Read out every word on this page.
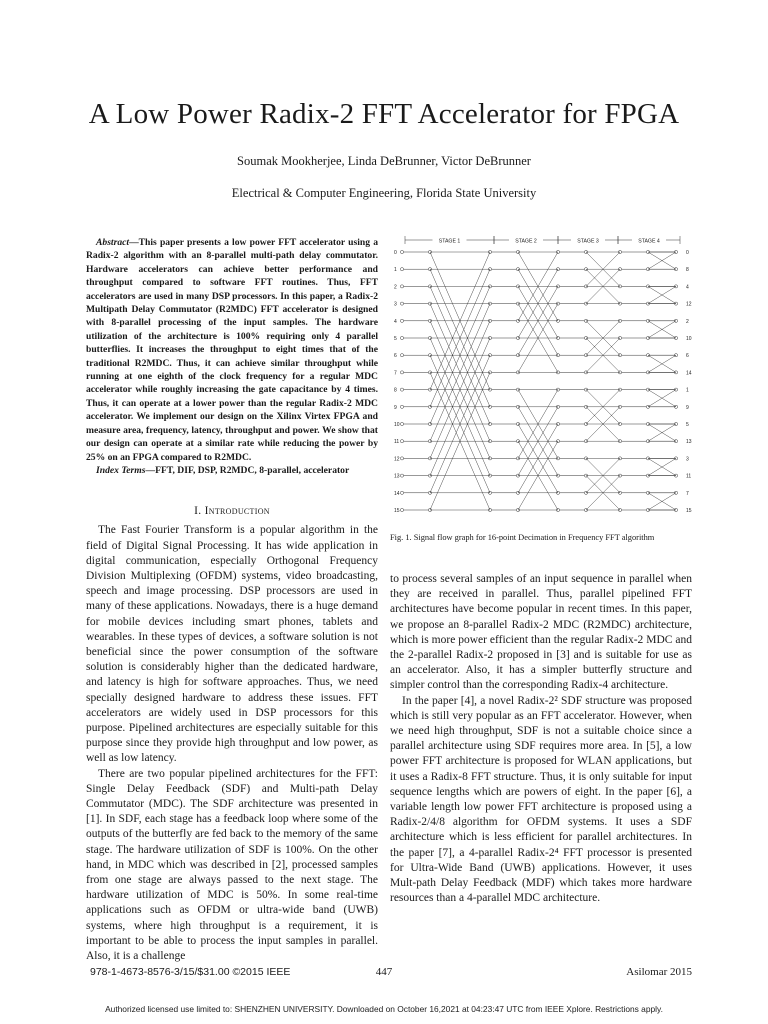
A Low Power Radix-2 FFT Accelerator for FPGA
Soumak Mookherjee, Linda DeBrunner, Victor DeBrunner
Electrical & Computer Engineering, Florida State University

Abstract—This paper presents a low power FFT accelerator using a Radix-2 algorithm with an 8-parallel multi-path delay commutator. Hardware accelerators can achieve better performance and throughput compared to software FFT routines. Thus, FFT accelerators are used in many DSP processors. In this paper, a Radix-2 Multipath Delay Commutator (R2MDC) FFT accelerator is designed with 8-parallel processing of the input samples. The hardware utilization of the architecture is 100% requiring only 4 parallel butterflies. It increases the throughput to eight times that of the traditional R2MDC. Thus, it can achieve similar throughput while running at one eighth of the clock frequency for a regular MDC accelerator while roughly increasing the gate capacitance by 4 times. Thus, it can operate at a lower power than the regular Radix-2 MDC accelerator. We implement our design on the Xilinx Virtex FPGA and measure area, frequency, latency, throughput and power. We show that our design can operate at a similar rate while reducing the power by 25% on an FPGA compared to R2MDC.

Index Terms—FFT, DIF, DSP, R2MDC, 8-parallel, accelerator

I. Introduction

The Fast Fourier Transform is a popular algorithm in the field of Digital Signal Processing. It has wide application in digital communication, especially Orthogonal Frequency Division Multiplexing (OFDM) systems, video broadcasting, speech and image processing. DSP processors are used in many of these applications. Nowadays, there is a huge demand for mobile devices including smart phones, tablets and wearables. In these types of devices, a software solution is not beneficial since the power consumption of the software solution is considerably higher than the dedicated hardware, and latency is high for software approaches. Thus, we need specially designed hardware to address these issues. FFT accelerators are widely used in DSP processors for this purpose. Pipelined architectures are especially suitable for this purpose since they provide high throughput and low power, as well as low latency.

There are two popular pipelined architectures for the FFT: Single Delay Feedback (SDF) and Multi-path Delay Commutator (MDC). The SDF architecture was presented in [1]. In SDF, each stage has a feedback loop where some of the outputs of the butterfly are fed back to the memory of the same stage. The hardware utilization of SDF is 100%. On the other hand, in MDC which was described in [2], processed samples from one stage are always passed to the next stage. The hardware utilization of MDC is 50%. In some real-time applications such as OFDM or ultra-wide band (UWB) systems, where high throughput is a requirement, it is important to be able to process the input samples in parallel. Also, it is a challenge

STAGE 1	STAGE 2	STAGE 3	STAGE 4
0
1
2
3
4
5
6
7
8
9
10
11
12
13
14
15
0
8
4
12
2
10
6
14
1
9
5
13
3
11
7
15
Fig. 1. Signal flow graph for 16-point Decimation in Frequency FFT algorithm

to process several samples of an input sequence in parallel when they are received in parallel. Thus, parallel pipelined FFT architectures have become popular in recent times. In this paper, we propose an 8-parallel Radix-2 MDC (R2MDC) architecture, which is more power efficient than the regular Radix-2 MDC and the 2-parallel Radix-2 proposed in [3] and is suitable for use as an accelerator. Also, it has a simpler butterfly structure and simpler control than the corresponding Radix-4 architecture.

In the paper [4], a novel Radix-2² SDF structure was proposed which is still very popular as an FFT accelerator. However, when we need high throughput, SDF is not a suitable choice since a parallel architecture using SDF requires more area. In [5], a low power FFT architecture is proposed for WLAN applications, but it uses a Radix-8 FFT structure. Thus, it is only suitable for input sequence lengths which are powers of eight. In the paper [6], a variable length low power FFT architecture is proposed using a Radix-2/4/8 algorithm for OFDM systems. It uses a SDF architecture which is less efficient for parallel architectures. In the paper [7], a 4-parallel Radix-2⁴ FFT processor is presented for Ultra-Wide Band (UWB) applications. However, it uses Mult-path Delay Feedback (MDF) which takes more hardware resources than a 4-parallel MDC architecture.

978-1-4673-8576-3/15/$31.00 ©2015 IEEE	447	Asilomar 2015
Authorized licensed use limited to: SHENZHEN UNIVERSITY. Downloaded on October 16,2021 at 04:23:47 UTC from IEEE Xplore. Restrictions apply.
